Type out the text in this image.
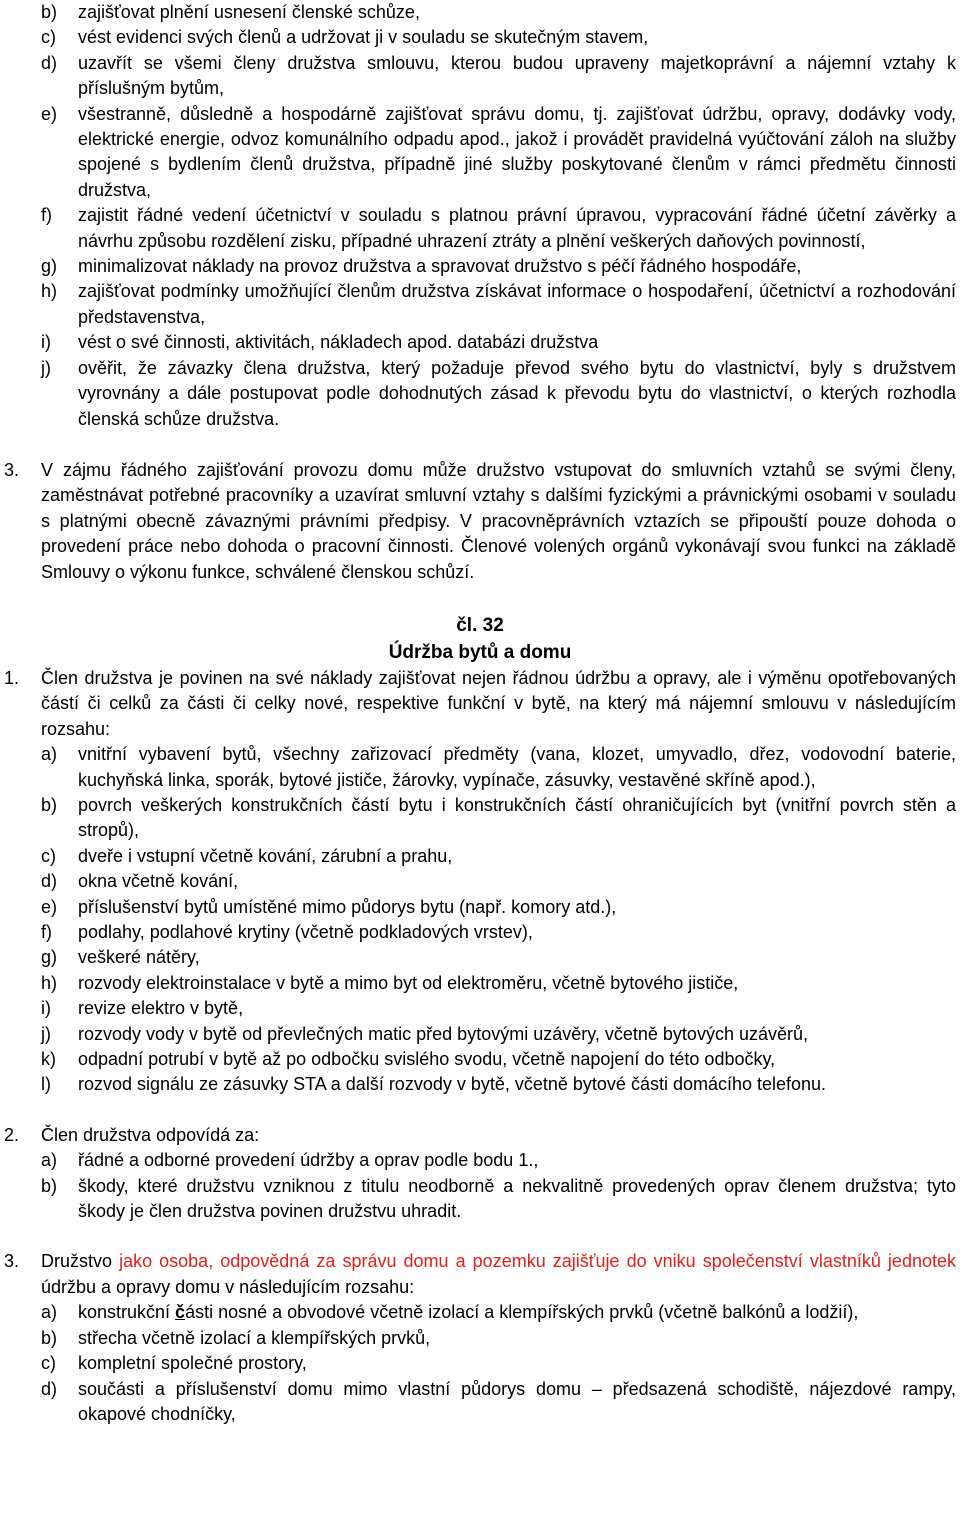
b) zajišťovat plnění usnesení členské schůze,
c) vést evidenci svých členů a udržovat ji v souladu se skutečným stavem,
d) uzavřít se všemi členy družstva smlouvu, kterou budou upraveny majetkoprávní a nájemní vztahy k příslušným bytům,
e) všestranně, důsledně a hospodárně zajišťovat správu domu, tj. zajišťovat údržbu, opravy, dodávky vody, elektrické energie, odvoz komunálního odpadu apod., jakož i provádět pravidelná vyúčtování záloh na služby spojené s bydlením členů družstva, případně jiné služby poskytované členům v rámci předmětu činnosti družstva,
f) zajistit řádné vedení účetnictví v souladu s platnou právní úpravou, vypracování řádné účetní závěrky a návrhu způsobu rozdělení zisku, případné uhrazení ztráty a plnění veškerých daňových povinností,
g) minimalizovat náklady na provoz družstva a spravovat družstvo s péčí řádného hospodáře,
h) zajišťovat podmínky umožňující členům družstva získávat informace o hospodaření, účetnictví a rozhodování představenstva,
i) vést o své činnosti, aktivitách, nákladech apod. databázi družstva
j) ověřit, že závazky člena družstva, který požaduje převod svého bytu do vlastnictví, byly s družstvem vyrovnány a dále postupovat podle dohodnutých zásad k převodu bytu do vlastnictví, o kterých rozhodla členská schůze družstva.
3. V zájmu řádného zajišťování provozu domu může družstvo vstupovat do smluvních vztahů se svými členy, zaměstnávat potřebné pracovníky a uzavírat smluvní vztahy s dalšími fyzickými a právnickými osobami v souladu s platnými obecně závaznými právními předpisy. V pracovněprávních vztazích se připouští pouze dohoda o provedení práce nebo dohoda o pracovní činnosti. Členové volených orgánů vykonávají svou funkci na základě Smlouvy o výkonu funkce, schválené členskou schůzí.
čl. 32
Údržba bytů a domu
1. Člen družstva je povinen na své náklady zajišťovat nejen řádnou údržbu a opravy, ale i výměnu opotřebovaných částí či celků za části či celky nové, respektive funkční v bytě, na který má nájemní smlouvu v následujícím rozsahu:
a) vnitřní vybavení bytů, všechny zařizovací předměty (vana, klozet, umyvadlo, dřez, vodovodní baterie, kuchyňská linka, sporák, bytové jističe, žárovky, vypínače, zásuvky, vestavěné skříně apod.),
b) povrch veškerých konstrukčních částí bytu i konstrukčních částí ohraničujících byt (vnitřní povrch stěn a stropů),
c) dveře i vstupní včetně kování, zárubní a prahu,
d) okna včetně kování,
e) příslušenství bytů umístěné mimo půdorys bytu (např. komory atd.),
f) podlahy, podlahové krytiny (včetně podkladových vrstev),
g) veškeré nátěry,
h) rozvody elektroinstalace v bytě a mimo byt od elektroměru, včetně bytového jističe,
i) revize elektro v bytě,
j) rozvody vody v bytě od převlečných matic před bytovými uzávěry, včetně bytových uzávěrů,
k) odpadní potrubí v bytě až po odbočku svislého svodu, včetně napojení do této odbočky,
l) rozvod signálu ze zásuvky STA a další rozvody v bytě, včetně bytové části domácího telefonu.
2. Člen družstva odpovídá za:
a) řádné a odborné provedení údržby a oprav podle bodu 1.,
b) škody, které družstvu vzniknou z titulu neodborně a nekvalitně provedených oprav členem družstva; tyto škody je člen družstva povinen družstvu uhradit.
3. Družstvo jako osoba, odpovědná za správu domu a pozemku zajišťuje do vniku společenství vlastníků jednotek údržbu a opravy domu v následujícím rozsahu:
a) konstrukční části nosné a obvodové včetně izolací a klempířských prvků (včetně balkónů a lodžií),
b) střecha včetně izolací a klempířských prvků,
c) kompletní společné prostory,
d) součásti a příslušenství domu mimo vlastní půdorys domu – předsazená schodiště, nájezdové rampy, okapové chodníčky,
